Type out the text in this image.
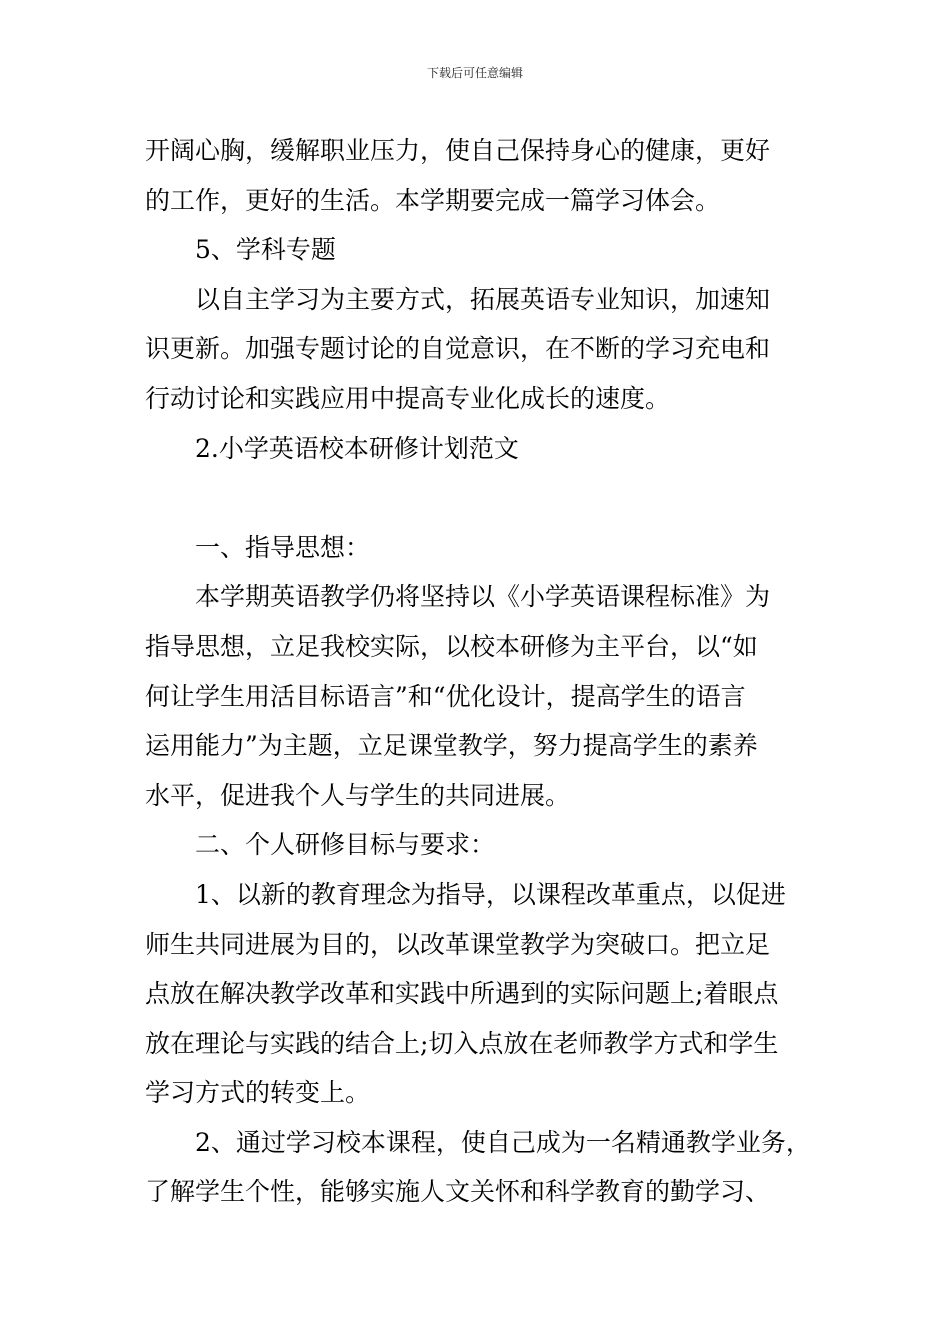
下载后可任意编辑
开阔心胸，缓解职业压力，使自己保持身心的健康，更好
的工作，更好的生活。本学期要完成一篇学习体会。
5、学科专题
以自主学习为主要方式，拓展英语专业知识，加速知
识更新。加强专题讨论的自觉意识，在不断的学习充电和
行动讨论和实践应用中提高专业化成长的速度。
2.小学英语校本研修计划范文
一、指导思想：
本学期英语教学仍将坚持以《小学英语课程标准》为
指导思想，立足我校实际，以校本研修为主平台，以“如
何让学生用活目标语言”和“优化设计，提高学生的语言
运用能力”为主题，立足课堂教学，努力提高学生的素养
水平，促进我个人与学生的共同进展。
二、个人研修目标与要求：
1、以新的教育理念为指导，以课程改革重点，以促进
师生共同进展为目的，以改革课堂教学为突破口。把立足
点放在解决教学改革和实践中所遇到的实际问题上;着眼点
放在理论与实践的结合上;切入点放在老师教学方式和学生
学习方式的转变上。
2、通过学习校本课程，使自己成为一名精通教学业务，
了解学生个性，能够实施人文关怀和科学教育的勤学习、
